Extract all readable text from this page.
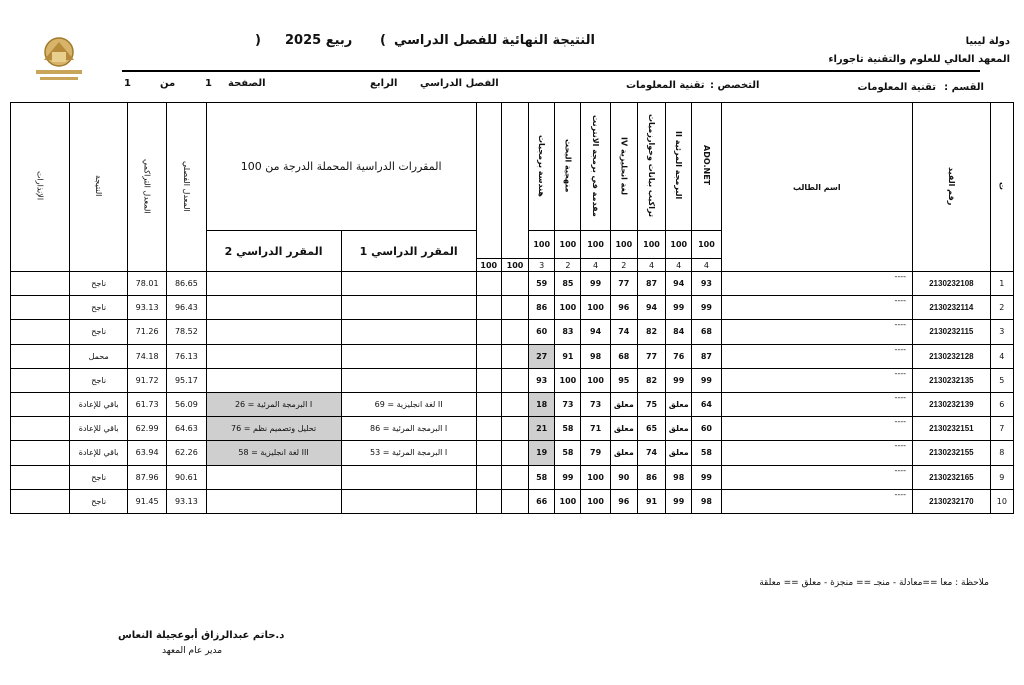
دولة ليبيا
المعهد العالي للعلوم والتقنية تاجوراء
) ربيع 2025 ( النتيجة النهائية للفصل الدراسي
القسم :
تقنية المعلومات
التخصص :
تقنية المعلومات
الفصل الدراسي
الرابع
الصفحة
1
من
1
الإنذارات	النتيجة	المعدل التراكمي	المعدل الفصلي	المقررات الدراسية المحملة الدرجة من 100				هندسة برمجيات	منهجية البحث	مقدمة في برمجة الانترنت	IV لغة انجليزية	تراكيب بيانات وخوارزميات	II البرمجة المرئية	ADO.NET	اسم الطالب	رقم القيد	ت
				المقرر الدراسي 2	المقرر الدراسي 1			100	100	100	100	100	100	100			
						100	100	3	2	4	2	4	4	4			
	ناجح	78.01	86.65					59	85	99	77	87	94	93	----	2130232108	1
	ناجح	93.13	96.43					86	100	100	96	94	99	99	----	2130232114	2
	ناجح	71.26	78.52					60	83	94	74	82	84	68	----	2130232115	3
	محمل	74.18	76.13					27	91	98	68	77	76	87	----	2130232128	4
	ناجح	91.72	95.17					93	100	100	95	82	99	99	----	2130232135	5
	باقي للإعادة	61.73	56.09	I البرمجة المرئية = 26	II لغة انجليزية = 69			18	73	73	معلق	75	معلق	64	----	2130232139	6
	باقي للإعادة	62.99	64.63	تحليل وتصميم نظم = 76	I البرمجة المرئية = 86			21	58	71	معلق	65	معلق	60	----	2130232151	7
	باقي للإعادة	63.94	62.26	III لغة انجليزية = 58	I البرمجة المرئية = 53			19	58	79	معلق	74	معلق	58	----	2130232155	8
	ناجح	87.96	90.61					58	99	100	90	86	98	99	----	2130232165	9
	ناجح	91.45	93.13					66	100	100	96	91	99	98	----	2130232170	10
ملاحظة : معا ==معادلة - منجـ == منجزة - معلق == معلقة
د.حاتم عبدالرزاق أبوعجيلة النعاس
مدير عام المعهد
